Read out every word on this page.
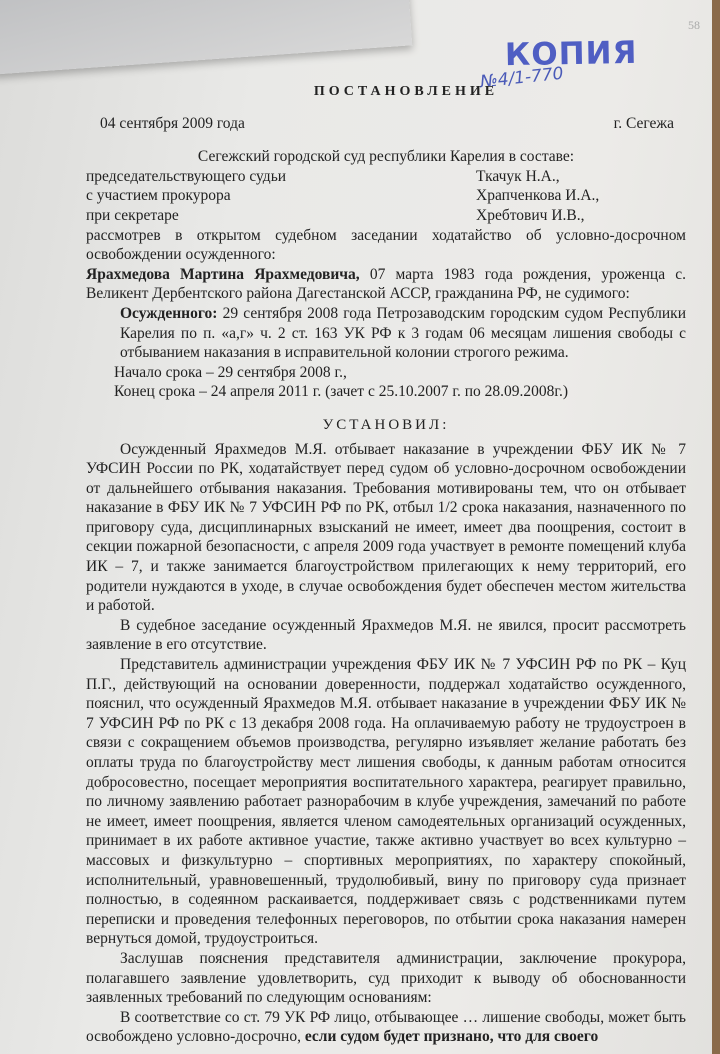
КОПИЯ
№4/1-770
58
ПОСТАНОВЛЕНИЕ
04 сентября 2009 года	г. Сегежа
Сегежский городской суд республики Карелия в составе:
председательствующего судьи	Ткачук Н.А.,
с участием прокурора	Храпченкова И.А.,
при секретаре	Хребтович И.В.,

рассмотрев в открытом судебном заседании ходатайство об условно-досрочном освобождении осужденного:

Ярахмедова Мартина Ярахмедовича, 07 марта 1983 года рождения, уроженца с. Великент Дербентского района Дагестанской АССР, гражданина РФ, не судимого:

Осужденного: 29 сентября 2008 года Петрозаводским городским судом Республики Карелия по п. «а,г» ч. 2 ст. 163 УК РФ к 3 годам 06 месяцам лишения свободы с отбыванием наказания в исправительной колонии строгого режима.

Начало срока – 29 сентября 2008 г.,
Конец срока – 24 апреля 2011 г. (зачет с 25.10.2007 г. по 28.09.2008г.)
УСТАНОВИЛ:

Осужденный Ярахмедов М.Я. отбывает наказание в учреждении ФБУ ИК № 7 УФСИН России по РК, ходатайствует перед судом об условно-досрочном освобождении от дальнейшего отбывания наказания. Требования мотивированы тем, что он отбывает наказание в ФБУ ИК № 7 УФСИН РФ по РК, отбыл 1/2 срока наказания, назначенного по приговору суда, дисциплинарных взысканий не имеет, имеет два поощрения, состоит в секции пожарной безопасности, с апреля 2009 года участвует в ремонте помещений клуба ИК – 7, и также занимается благоустройством прилегающих к нему территорий, его родители нуждаются в уходе, в случае освобождения будет обеспечен местом жительства и работой.

В судебное заседание осужденный Ярахмедов М.Я. не явился, просит рассмотреть заявление в его отсутствие.

Представитель администрации учреждения ФБУ ИК № 7 УФСИН РФ по РК – Куц П.Г., действующий на основании доверенности, поддержал ходатайство осужденного, пояснил, что осужденный Ярахмедов М.Я. отбывает наказание в учреждении ФБУ ИК № 7 УФСИН РФ по РК с 13 декабря 2008 года. На оплачиваемую работу не трудоустроен в связи с сокращением объемов производства, регулярно изъявляет желание работать без оплаты труда по благоустройству мест лишения свободы, к данным работам относится добросовестно, посещает мероприятия воспитательного характера, реагирует правильно, по личному заявлению работает разнорабочим в клубе учреждения, замечаний по работе не имеет, имеет поощрения, является членом самодеятельных организаций осужденных, принимает в их работе активное участие, также активно участвует во всех культурно – массовых и физкультурно – спортивных мероприятиях, по характеру спокойный, исполнительный, уравновешенный, трудолюбивый, вину по приговору суда признает полностью, в содеянном раскаивается, поддерживает связь с родственниками путем переписки и проведения телефонных переговоров, по отбытии срока наказания намерен вернуться домой, трудоустроиться.

Заслушав пояснения представителя администрации, заключение прокурора, полагавшего заявление удовлетворить, суд приходит к выводу об обоснованности заявленных требований по следующим основаниям:

В соответствие со ст. 79 УК РФ лицо, отбывающее … лишение свободы, может быть освобождено условно-досрочно, если судом будет признано, что для своего
